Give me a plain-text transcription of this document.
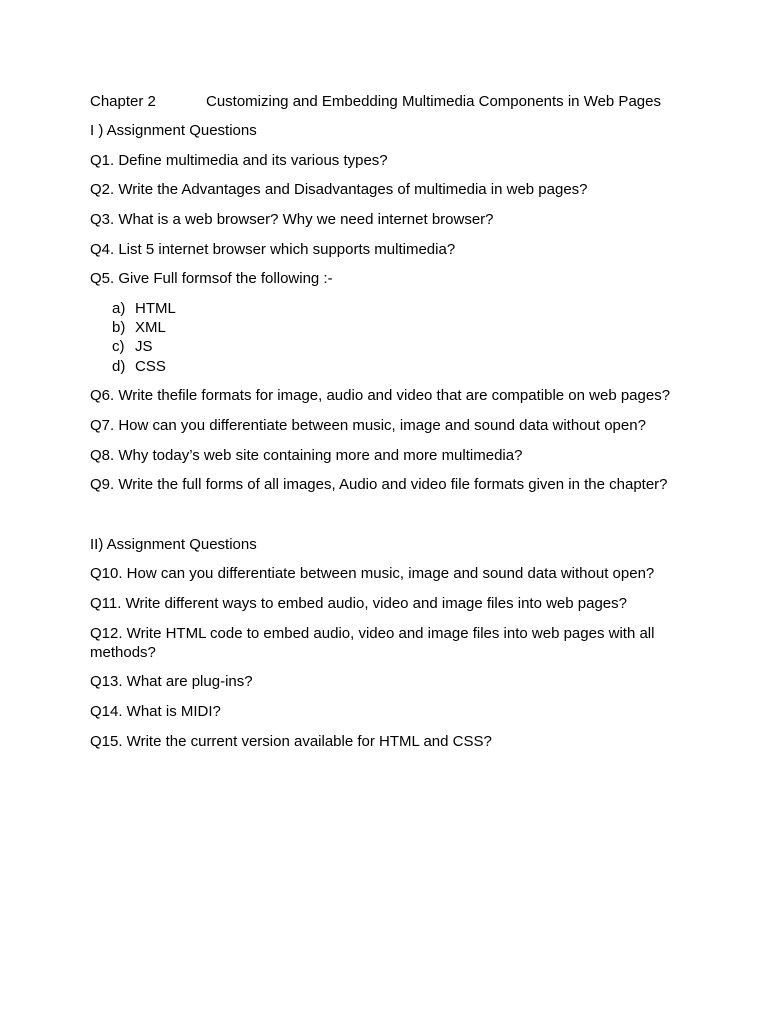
Chapter 2	Customizing and Embedding Multimedia Components in Web Pages
I ) Assignment Questions
Q1. Define multimedia and its various types?
Q2. Write the Advantages and Disadvantages of multimedia in web pages?
Q3. What is a web browser? Why we need internet browser?
Q4. List 5 internet browser which supports multimedia?
Q5. Give Full formsof the following :-
a) HTML
b) XML
c) JS
d) CSS
Q6. Write thefile formats for image, audio and video that are compatible on web pages?
Q7. How can you differentiate between music, image and sound data without open?
Q8. Why today’s web site containing more and more multimedia?
Q9. Write the full forms of all images, Audio and video file formats given in the chapter?
II) Assignment Questions
Q10. How can you differentiate between music, image and sound data without open?
Q11. Write different ways to embed audio, video and image files into web pages?
Q12. Write HTML code to embed audio, video and image files into web pages with all methods?
Q13. What are plug-ins?
Q14. What is MIDI?
Q15. Write the current version available for HTML and CSS?
